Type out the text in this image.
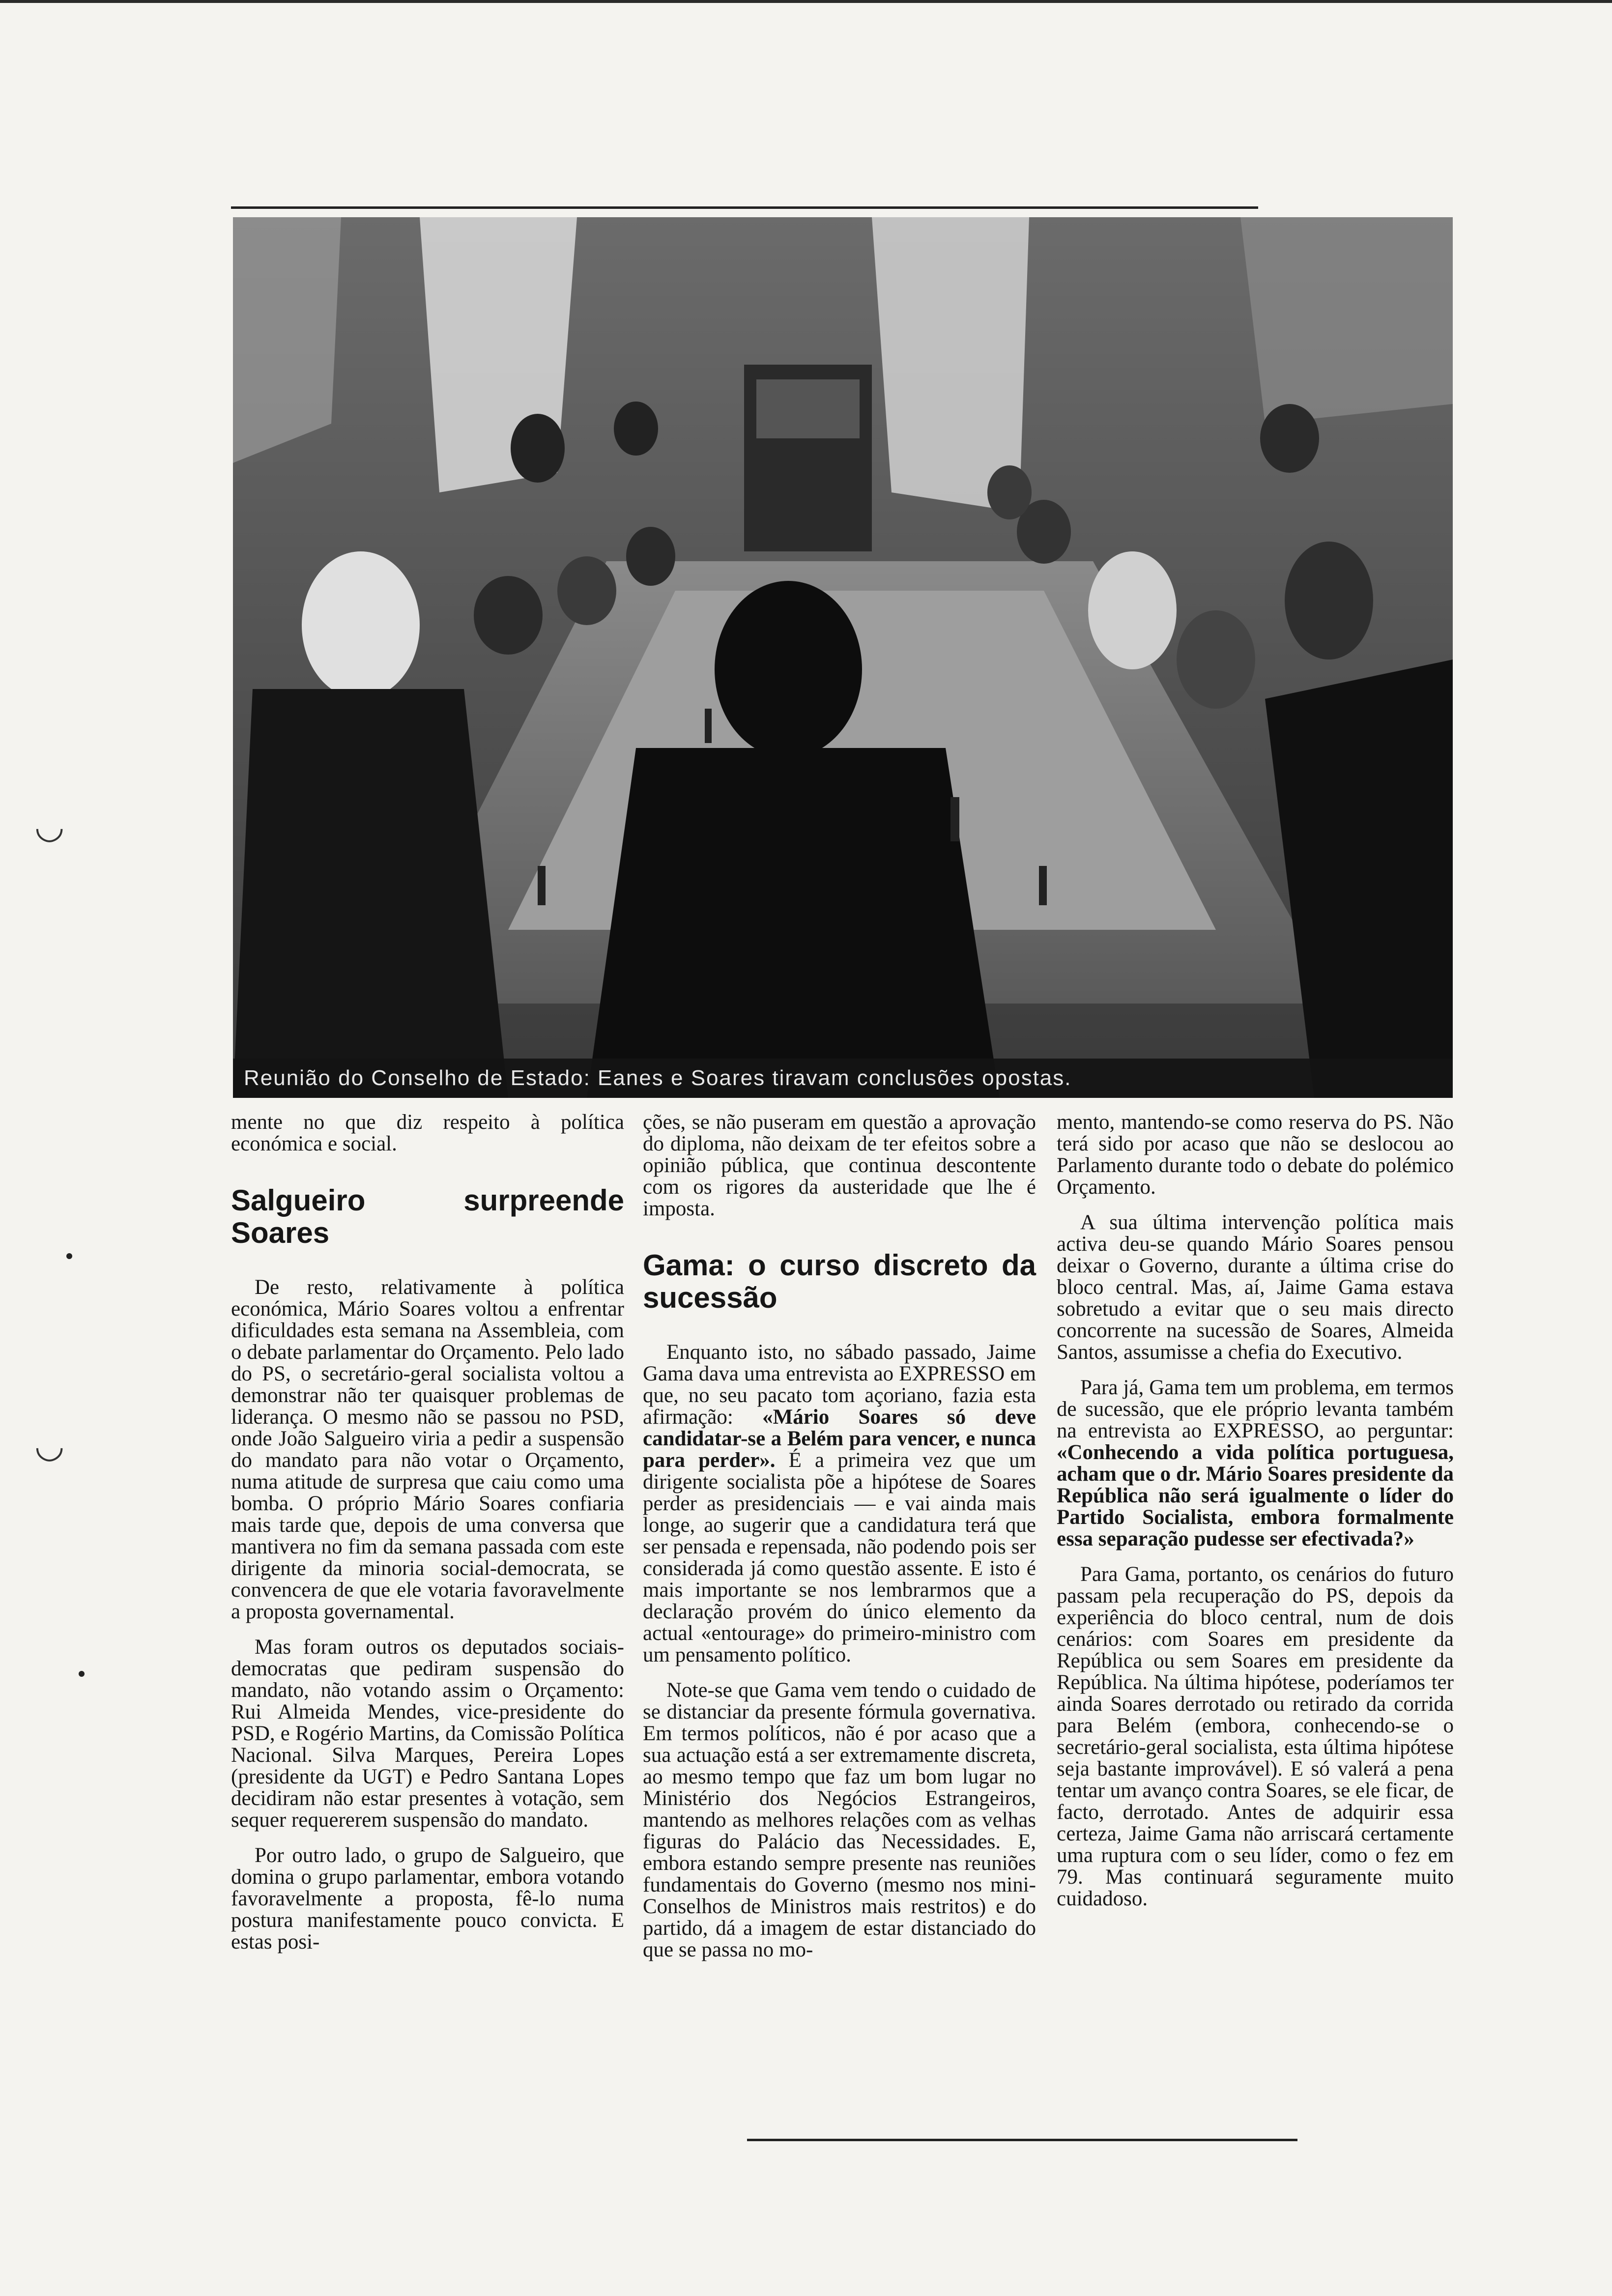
Reunião do Conselho de Estado: Eanes e Soares tiravam conclusões opostas.

mente no que diz respeito à política económica e social.

Salgueiro surpreende Soares

De resto, relativamente à política económica, Mário Soares voltou a enfrentar dificuldades esta semana na Assembleia, com o debate parlamentar do Orçamento. Pelo lado do PS, o secretário-geral socialista voltou a demonstrar não ter quaisquer problemas de liderança. O mesmo não se passou no PSD, onde João Salgueiro viria a pedir a suspensão do mandato para não votar o Orçamento, numa atitude de surpresa que caiu como uma bomba. O próprio Mário Soares confiaria mais tarde que, depois de uma conversa que mantivera no fim da semana passada com este dirigente da minoria social-democrata, se convencera de que ele votaria favoravelmente a proposta governamental.

Mas foram outros os deputados sociais-democratas que pediram suspensão do mandato, não votando assim o Orçamento: Rui Almeida Mendes, vice-presidente do PSD, e Rogério Martins, da Comissão Política Nacional. Silva Marques, Pereira Lopes (presidente da UGT) e Pedro Santana Lopes decidiram não estar presentes à votação, sem sequer requererem suspensão do mandato.

Por outro lado, o grupo de Salgueiro, que domina o grupo parlamentar, embora votando favoravelmente a proposta, fê-lo numa postura manifestamente pouco convicta. E estas posi-

ções, se não puseram em questão a aprovação do diploma, não deixam de ter efeitos sobre a opinião pública, que continua descontente com os rigores da austeridade que lhe é imposta.

Gama: o curso discreto da sucessão

Enquanto isto, no sábado passado, Jaime Gama dava uma entrevista ao EXPRESSO em que, no seu pacato tom açoriano, fazia esta afirmação: «Mário Soares só deve candidatar-se a Belém para vencer, e nunca para perder». É a primeira vez que um dirigente socialista põe a hipótese de Soares perder as presidenciais — e vai ainda mais longe, ao sugerir que a candidatura terá que ser pensada e repensada, não podendo pois ser considerada já como questão assente. E isto é mais importante se nos lembrarmos que a declaração provém do único elemento da actual «entourage» do primeiro-ministro com um pensamento político.

Note-se que Gama vem tendo o cuidado de se distanciar da presente fórmula governativa. Em termos políticos, não é por acaso que a sua actuação está a ser extremamente discreta, ao mesmo tempo que faz um bom lugar no Ministério dos Negócios Estrangeiros, mantendo as melhores relações com as velhas figuras do Palácio das Necessidades. E, embora estando sempre presente nas reuniões fundamentais do Governo (mesmo nos mini-Conselhos de Ministros mais restritos) e do partido, dá a imagem de estar distanciado do que se passa no mo-

mento, mantendo-se como reserva do PS. Não terá sido por acaso que não se deslocou ao Parlamento durante todo o debate do polémico Orçamento.

A sua última intervenção política mais activa deu-se quando Mário Soares pensou deixar o Governo, durante a última crise do bloco central. Mas, aí, Jaime Gama estava sobretudo a evitar que o seu mais directo concorrente na sucessão de Soares, Almeida Santos, assumisse a chefia do Executivo.

Para já, Gama tem um problema, em termos de sucessão, que ele próprio levanta também na entrevista ao EXPRESSO, ao perguntar: «Conhecendo a vida política portuguesa, acham que o dr. Mário Soares presidente da República não será igualmente o líder do Partido Socialista, embora formalmente essa separação pudesse ser efectivada?»

Para Gama, portanto, os cenários do futuro passam pela recuperação do PS, depois da experiência do bloco central, num de dois cenários: com Soares em presidente da República ou sem Soares em presidente da República. Na última hipótese, poderíamos ter ainda Soares derrotado ou retirado da corrida para Belém (embora, conhecendo-se o secretário-geral socialista, esta última hipótese seja bastante improvável). E só valerá a pena tentar um avanço contra Soares, se ele ficar, de facto, derrotado. Antes de adquirir essa certeza, Jaime Gama não arriscará certamente uma ruptura com o seu líder, como o fez em 79. Mas continuará seguramente muito cuidadoso.

◡
◡
